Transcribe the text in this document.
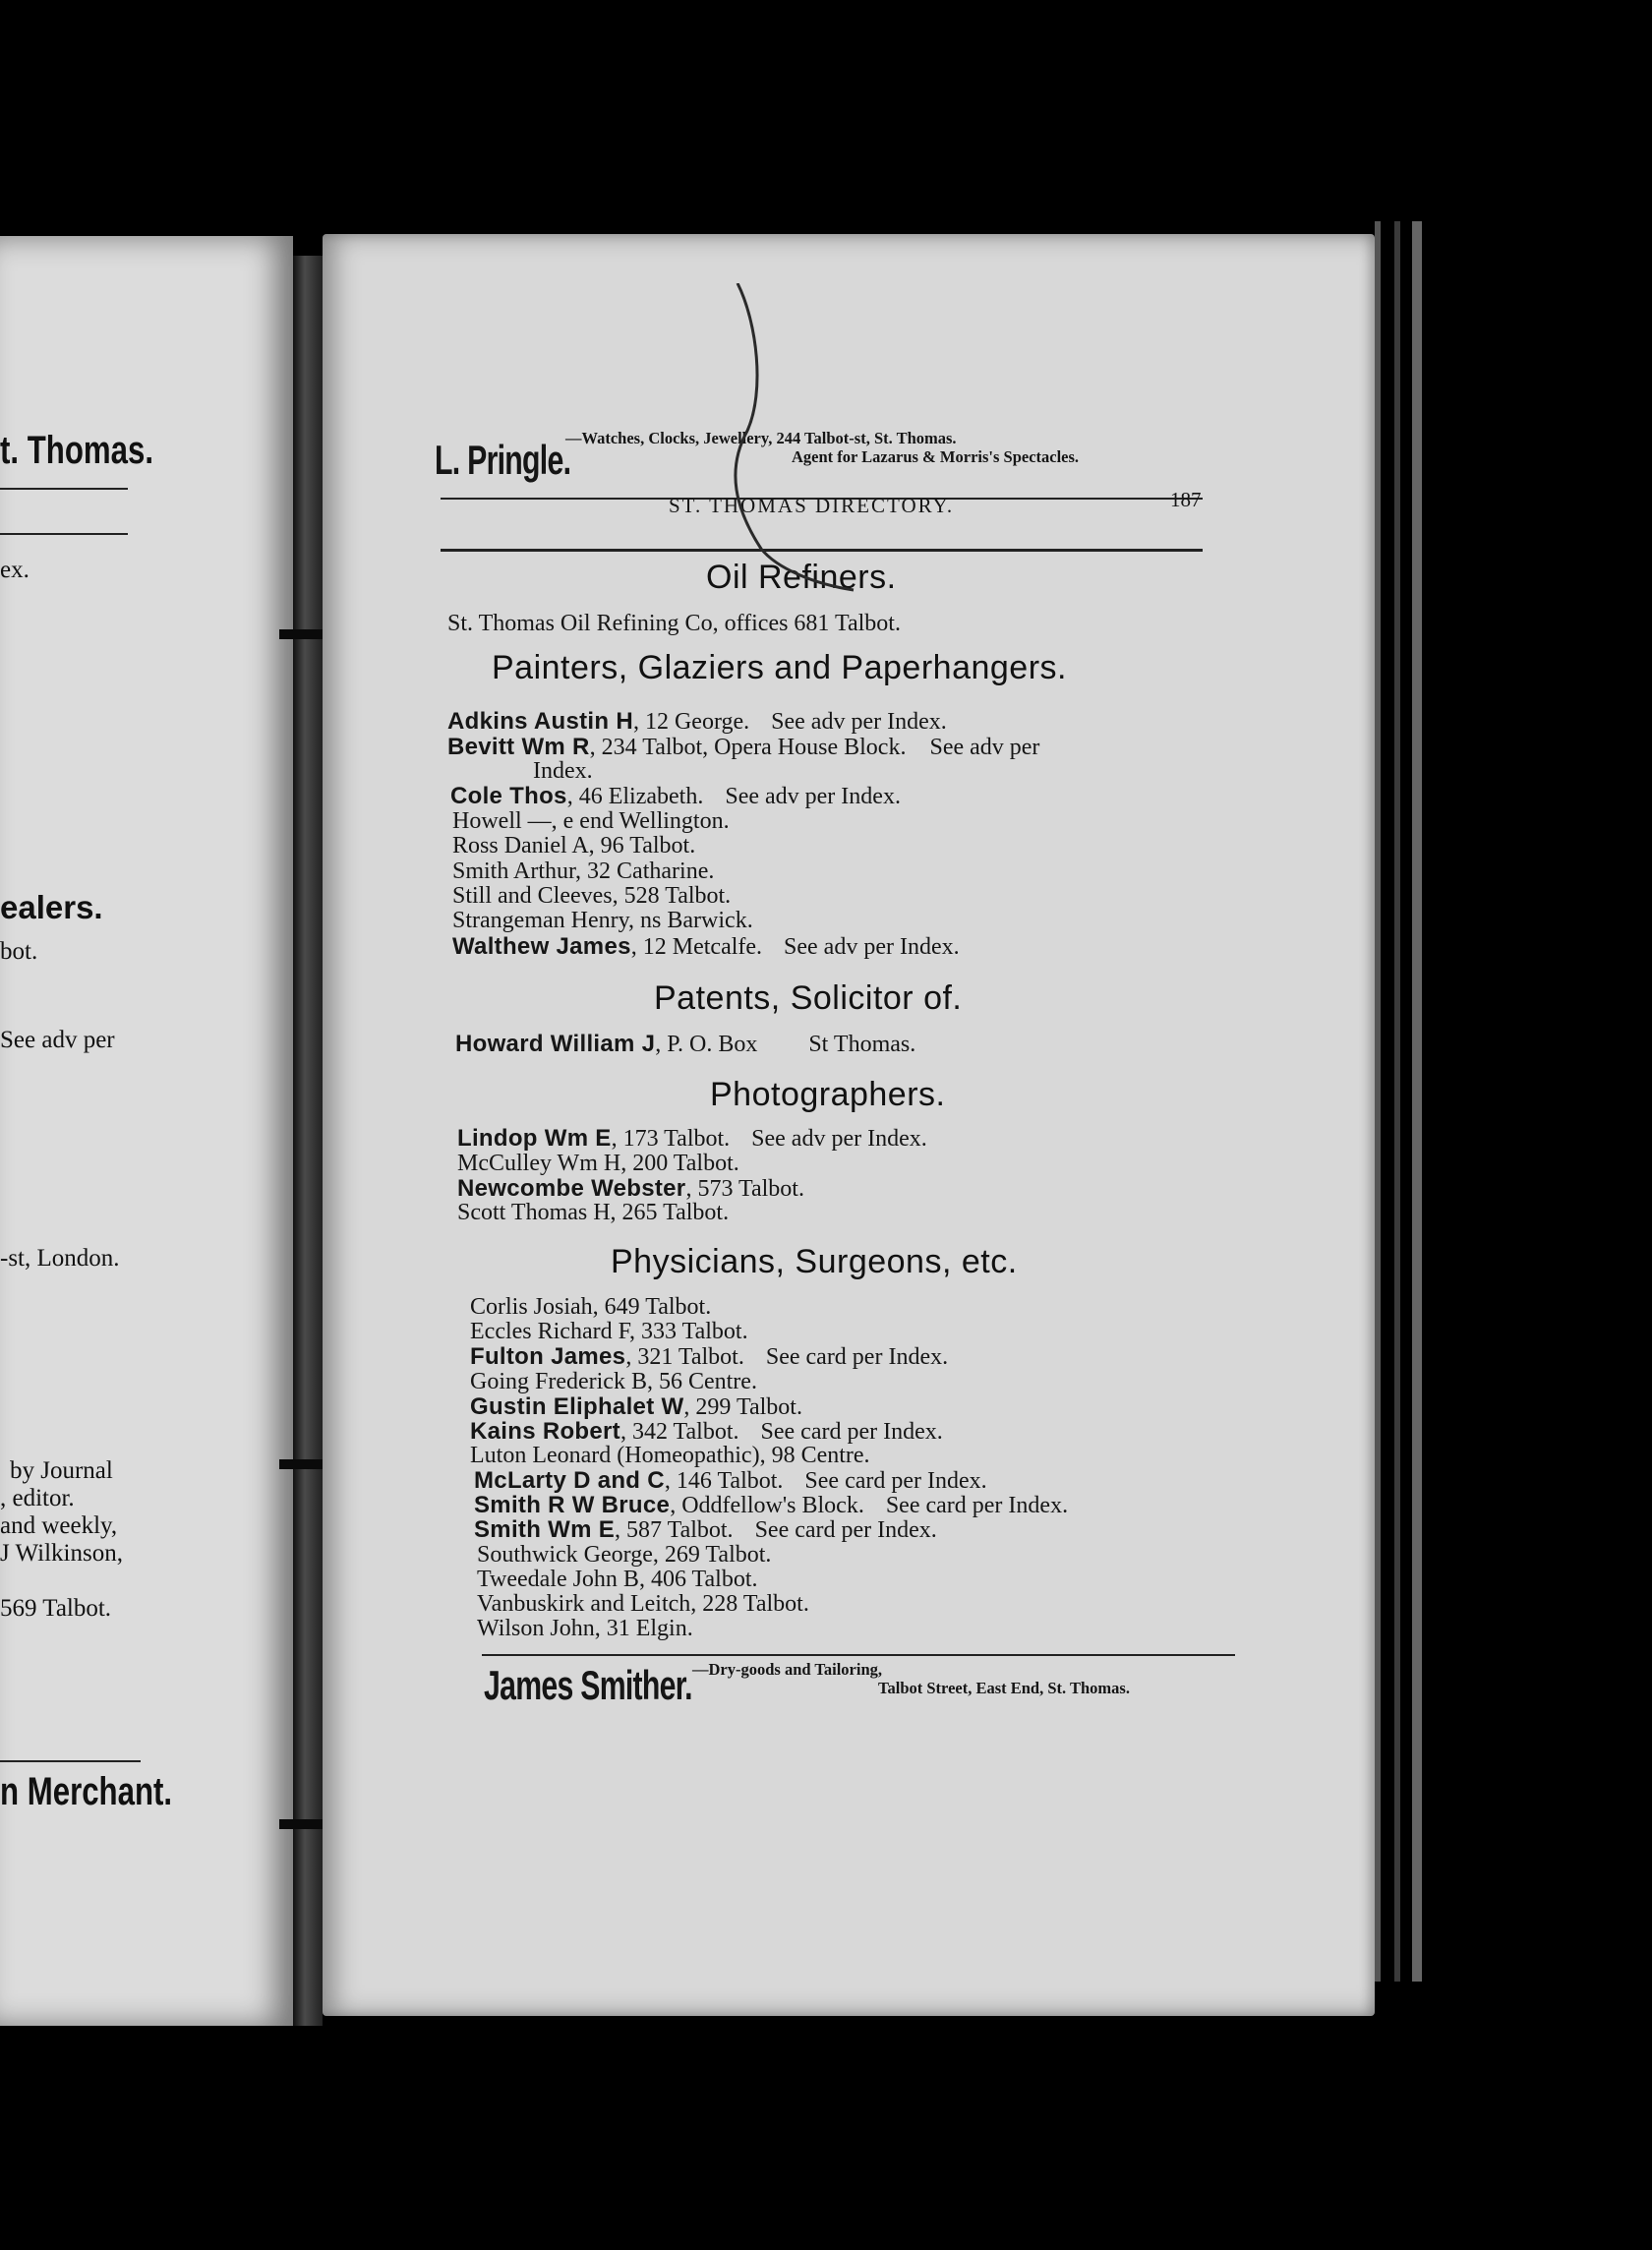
t. Thomas.
ex.
ealers.
bot.
See adv per
-st, London.
by Journal
, editor.
and weekly,
J Wilkinson,
569 Talbot.
n Merchant.
L. Pringle.
—Watches, Clocks, Jewellery, 244 Talbot-st, St. Thomas.
Agent for Lazarus & Morris's Spectacles.
ST. THOMAS DIRECTORY.	187
Oil Refiners.
St. Thomas Oil Refining Co, offices 681 Talbot.
Painters, Glaziers and Paperhangers.
Adkins Austin H, 12 George. See adv per Index.
Bevitt Wm R, 234 Talbot, Opera House Block. See adv per
Index.
Cole Thos, 46 Elizabeth. See adv per Index.
Howell —, e end Wellington.
Ross Daniel A, 96 Talbot.
Smith Arthur, 32 Catharine.
Still and Cleeves, 528 Talbot.
Strangeman Henry, ns Barwick.
Walthew James, 12 Metcalfe. See adv per Index.
Patents, Solicitor of.
Howard William J, P. O. Box St Thomas.
Photographers.
Lindop Wm E, 173 Talbot. See adv per Index.
McCulley Wm H, 200 Talbot.
Newcombe Webster, 573 Talbot.
Scott Thomas H, 265 Talbot.
Physicians, Surgeons, etc.
Corlis Josiah, 649 Talbot.
Eccles Richard F, 333 Talbot.
Fulton James, 321 Talbot. See card per Index.
Going Frederick B, 56 Centre.
Gustin Eliphalet W, 299 Talbot.
Kains Robert, 342 Talbot. See card per Index.
Luton Leonard (Homeopathic), 98 Centre.
McLarty D and C, 146 Talbot. See card per Index.
Smith R W Bruce, Oddfellow's Block. See card per Index.
Smith Wm E, 587 Talbot. See card per Index.
Southwick George, 269 Talbot.
Tweedale John B, 406 Talbot.
Vanbuskirk and Leitch, 228 Talbot.
Wilson John, 31 Elgin.
James Smither. —Dry-goods and Tailoring,
Talbot Street, East End, St. Thomas.
